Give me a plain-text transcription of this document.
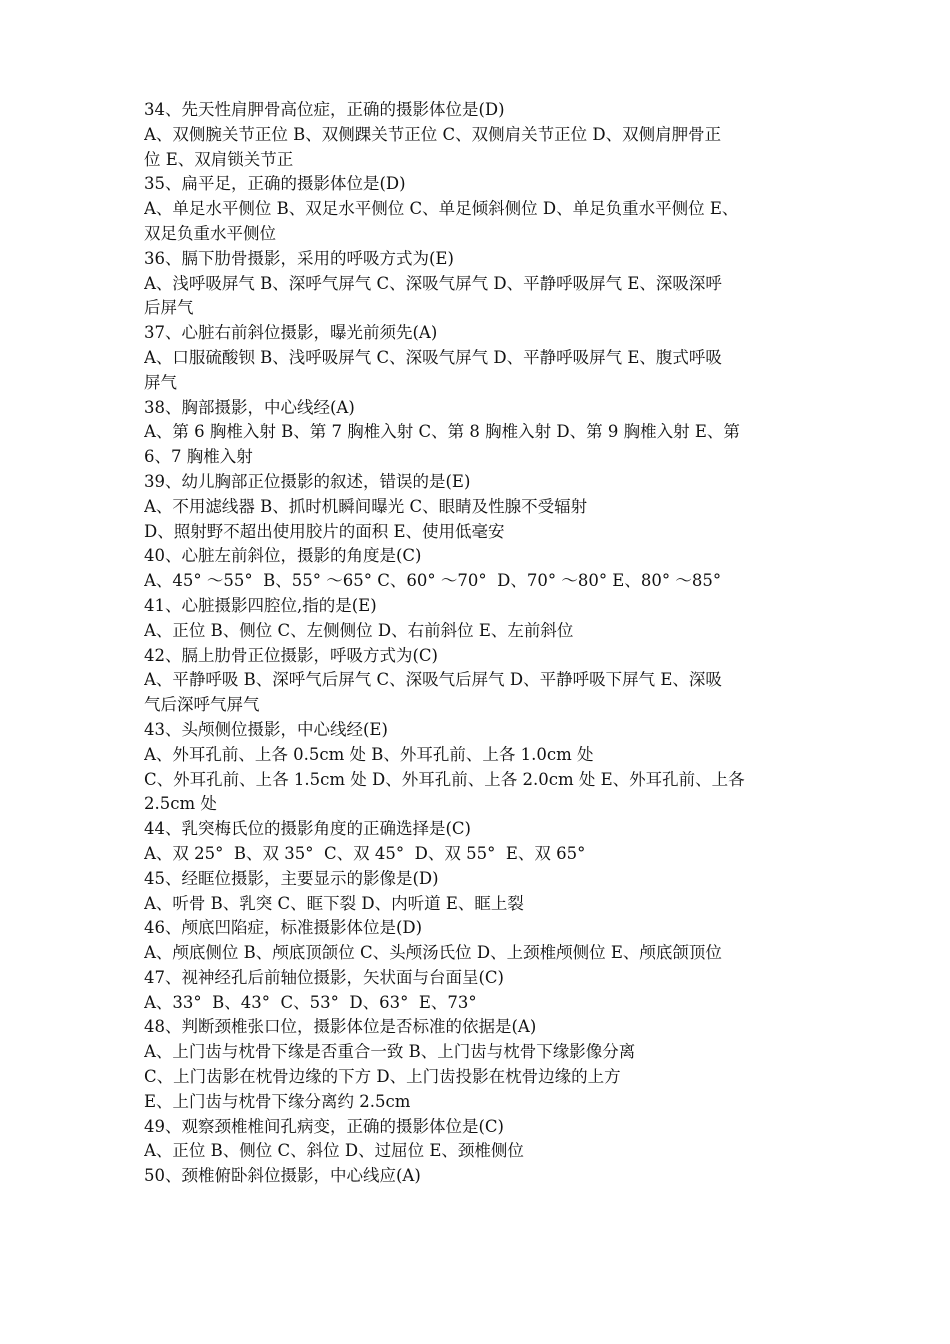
34、先天性肩胛骨高位症，正确的摄影体位是(D)
A、双侧腕关节正位 B、双侧踝关节正位 C、双侧肩关节正位 D、双侧肩胛骨正
位 E、双肩锁关节正
35、扁平足，正确的摄影体位是(D)
A、单足水平侧位 B、双足水平侧位 C、单足倾斜侧位 D、单足负重水平侧位 E、
双足负重水平侧位
36、膈下肋骨摄影，采用的呼吸方式为(E)
A、浅呼吸屏气 B、深呼气屏气 C、深吸气屏气 D、平静呼吸屏气 E、深吸深呼
后屏气
37、心脏右前斜位摄影，曝光前须先(A)
A、口服硫酸钡 B、浅呼吸屏气 C、深吸气屏气 D、平静呼吸屏气 E、腹式呼吸
屏气
38、胸部摄影，中心线经(A)
A、第 6 胸椎入射 B、第 7 胸椎入射 C、第 8 胸椎入射 D、第 9 胸椎入射 E、第
6、7 胸椎入射
39、幼儿胸部正位摄影的叙述，错误的是(E)
A、不用滤线器 B、抓时机瞬间曝光 C、眼睛及性腺不受辐射
D、照射野不超出使用胶片的面积 E、使用低毫安
40、心脏左前斜位，摄影的角度是(C)
A、45° ～55°  B、55° ～65° C、60° ～70°  D、70° ～80° E、80° ～85°
41、心脏摄影四腔位,指的是(E)
A、正位 B、侧位 C、左侧侧位 D、右前斜位 E、左前斜位
42、膈上肋骨正位摄影，呼吸方式为(C)
A、平静呼吸 B、深呼气后屏气 C、深吸气后屏气 D、平静呼吸下屏气 E、深吸
气后深呼气屏气
43、头颅侧位摄影，中心线经(E)
A、外耳孔前、上各 0.5cm 处 B、外耳孔前、上各 1.0cm 处
C、外耳孔前、上各 1.5cm 处 D、外耳孔前、上各 2.0cm 处 E、外耳孔前、上各
2.5cm 处
44、乳突梅氏位的摄影角度的正确选择是(C)
A、双 25°  B、双 35°  C、双 45°  D、双 55°  E、双 65°
45、经眶位摄影，主要显示的影像是(D)
A、听骨 B、乳突 C、眶下裂 D、内听道 E、眶上裂
46、颅底凹陷症，标准摄影体位是(D)
A、颅底侧位 B、颅底顶颌位 C、头颅汤氏位 D、上颈椎颅侧位 E、颅底颌顶位
47、视神经孔后前轴位摄影，矢状面与台面呈(C)
A、33°  B、43°  C、53°  D、63°  E、73°
48、判断颈椎张口位，摄影体位是否标准的依据是(A)
A、上门齿与枕骨下缘是否重合一致 B、上门齿与枕骨下缘影像分离
C、上门齿影在枕骨边缘的下方 D、上门齿投影在枕骨边缘的上方
E、上门齿与枕骨下缘分离约 2.5cm
49、观察颈椎椎间孔病变，正确的摄影体位是(C)
A、正位 B、侧位 C、斜位 D、过屈位 E、颈椎侧位
50、颈椎俯卧斜位摄影，中心线应(A)
